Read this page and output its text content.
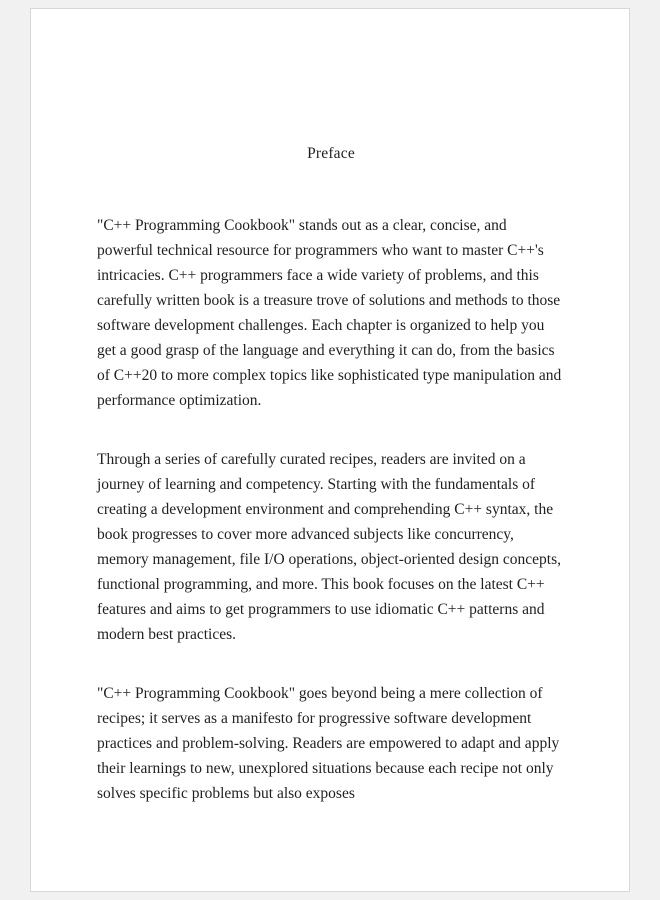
Preface

"C++ Programming Cookbook" stands out as a clear, concise, and powerful technical resource for programmers who want to master C++'s intricacies. C++ programmers face a wide variety of problems, and this carefully written book is a treasure trove of solutions and methods to those software development challenges. Each chapter is organized to help you get a good grasp of the language and everything it can do, from the basics of C++20 to more complex topics like sophisticated type manipulation and performance optimization.

Through a series of carefully curated recipes, readers are invited on a journey of learning and competency. Starting with the fundamentals of creating a development environment and comprehending C++ syntax, the book progresses to cover more advanced subjects like concurrency, memory management, file I/O operations, object-oriented design concepts, functional programming, and more. This book focuses on the latest C++ features and aims to get programmers to use idiomatic C++ patterns and modern best practices.

"C++ Programming Cookbook" goes beyond being a mere collection of recipes; it serves as a manifesto for progressive software development practices and problem-solving. Readers are empowered to adapt and apply their learnings to new, unexplored situations because each recipe not only solves specific problems but also exposes
